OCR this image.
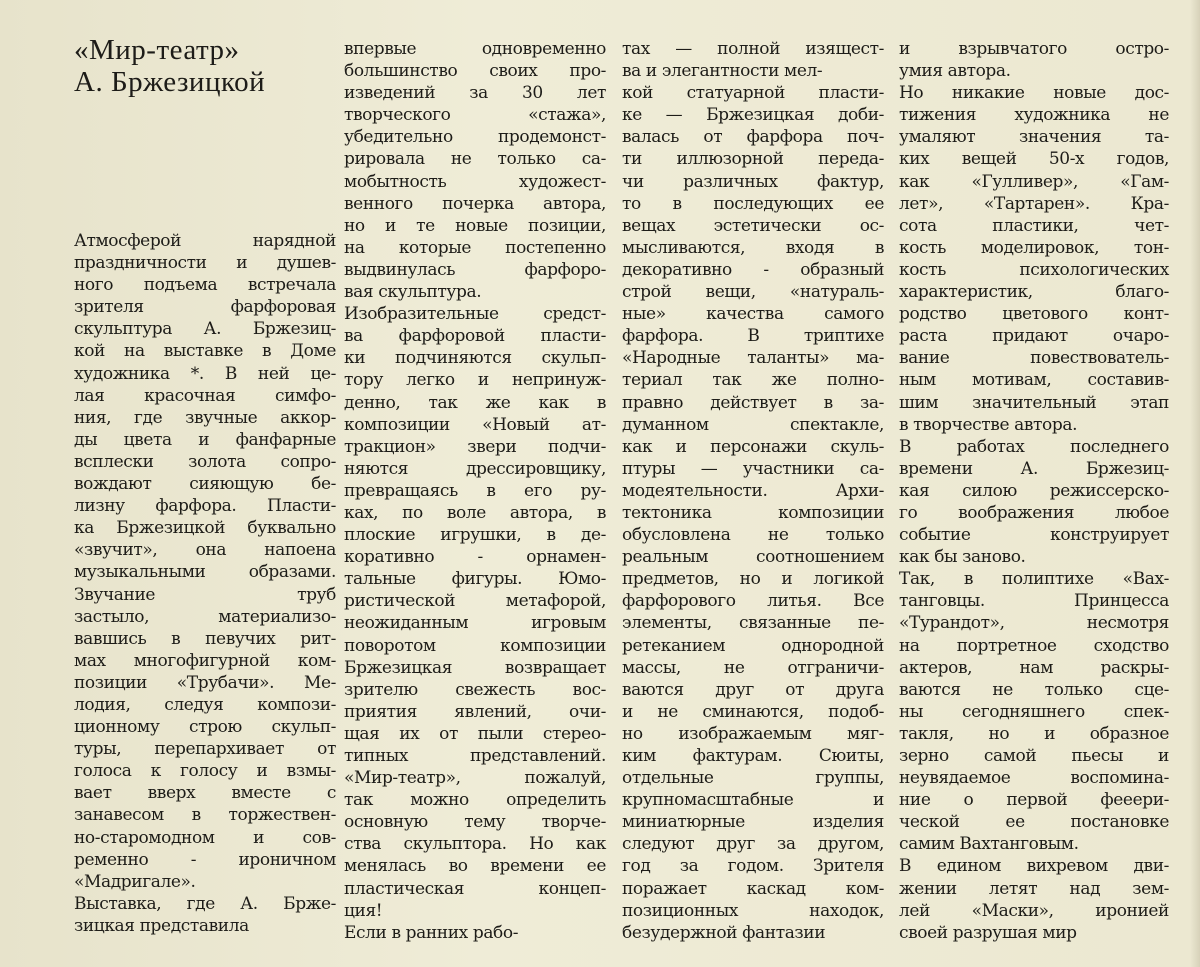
«Мир-театр»
А. Бржезицкой
Атмосферой нарядной
праздничности и душев-
ного подъема встречала
зрителя фарфоровая
скульптура А. Бржезиц-
кой на выставке в Доме
художника *. В ней це-
лая красочная симфо-
ния, где звучные аккор-
ды цвета и фанфарные
всплески золота сопро-
вождают сияющую бе-
лизну фарфора. Пласти-
ка Бржезицкой буквально
«звучит», она напоена
музыкальными образами.
Звучание труб
застыло, материализо-
вавшись в певучих рит-
мах многофигурной ком-
позиции «Трубачи». Ме-
лодия, следуя компози-
ционному строю скульп-
туры, перепархивает от
голоса к голосу и взмы-
вает вверх вместе с
занавесом в торжествен-
но-старомодном и сов-
ременно - ироничном
«Мадригале».
Выставка, где А. Бржe-
зицкая представила
впервые одновременно
большинство своих про-
изведений за 30 лет
творческого «стажа»,
убедительно продемонст-
рировала не только са-
мобытность художест-
венного почерка автора,
но и те новые позиции,
на которые постепенно
выдвинулась фарфоро-
вая скульптура.
Изобразительные средст-
ва фарфоровой пласти-
ки подчиняются скульп-
тору легко и непринуж-
денно, так же как в
композиции «Новый ат-
тракцион» звери подчи-
няются дрессировщику,
превращаясь в его ру-
ках, по воле автора, в
плоские игрушки, в де-
коративно - орнамен-
тальные фигуры. Юмо-
ристической метафорой,
неожиданным игровым
поворотом композиции
Бржезицкая возвращает
зрителю свежесть вос-
приятия явлений, очи-
щая их от пыли стерео-
типных представлений.
«Мир-театр», пожалуй,
так можно определить
основную тему творче-
ства скульптора. Но как
менялась во времени ее
пластическая концеп-
ция!
Если в ранних рабо-
тах — полной изящест-
ва и элегантности мел-
кой статуарной пласти-
ке — Бржезицкая доби-
валась от фарфора поч-
ти иллюзорной переда-
чи различных фактур,
то в последующих ее
вещах эстетически ос-
мысливаются, входя в
декоративно - образный
строй вещи, «натураль-
ные» качества самого
фарфора. В триптихе
«Народные таланты» ма-
териал так же полно-
правно действует в за-
думанном спектакле,
как и персонажи скуль-
птуры — участники са-
модеятельности. Архи-
тектоника композиции
обусловлена не только
реальным соотношением
предметов, но и логикой
фарфорового литья. Все
элементы, связанные пе-
ретеканием однородной
массы, не отграничи-
ваются друг от друга
и не сминаются, подоб-
но изображаемым мяг-
ким фактурам. Сюиты,
отдельные группы,
крупномасштабные и
миниатюрные изделия
следуют друг за другом,
год за годом. Зрителя
поражает каскад ком-
позиционных находок,
безудержной фантазии
и взрывчатого остро-
умия автора.
Но никакие новые дос-
тижения художника не
умаляют значения та-
ких вещей 50-х годов,
как «Гулливер», «Гам-
лет», «Тартарен». Кра-
сота пластики, чет-
кость моделировок, тон-
кость психологических
характеристик, благо-
родство цветового конт-
раста придают очаро-
вание повествователь-
ным мотивам, составив-
шим значительный этап
в творчестве автора.
В работах последнего
времени А. Бржезиц-
кая силою режиссерско-
го воображения любое
событие конструирует
как бы заново.
Так, в полиптихе «Вах-
танговцы. Принцесса
«Турандот», несмотря
на портретное сходство
актеров, нам раскры-
ваются не только сце-
ны сегодняшнего спек-
такля, но и образное
зерно самой пьесы и
неувядаемое воспомина-
ние о первой фееери-
ческой ее постановке
самим Вахтанговым.
В едином вихревом дви-
жении летят над зем-
лей «Маски», иронией
своей разрушая мир
